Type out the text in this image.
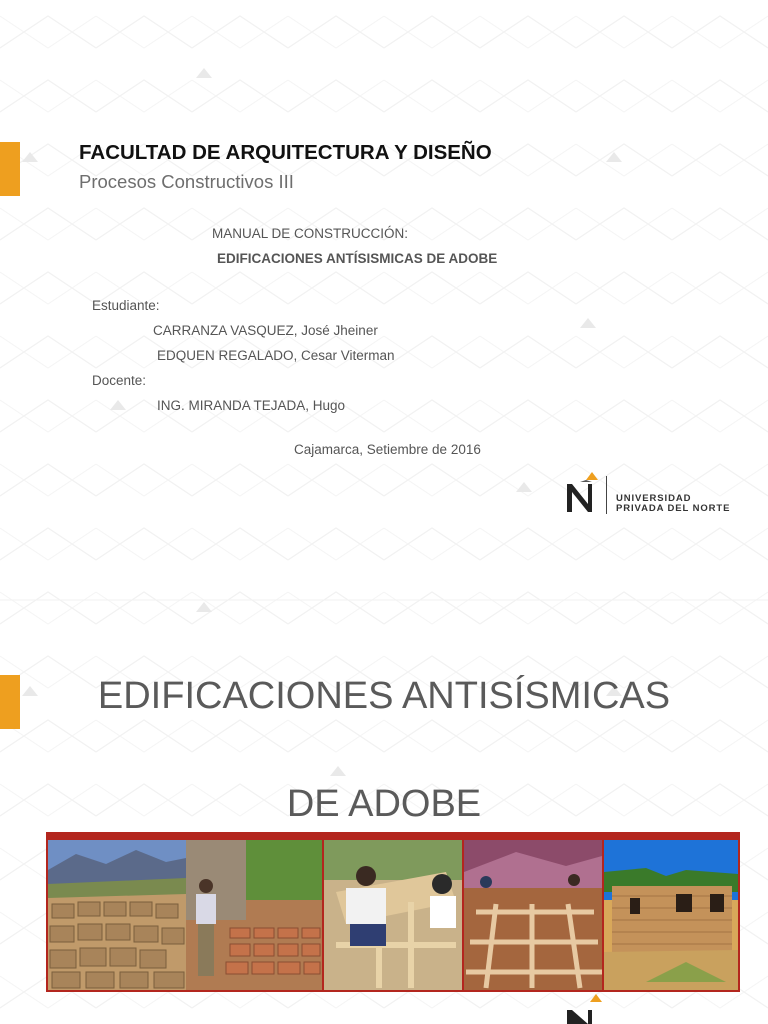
FACULTAD DE ARQUITECTURA Y DISEÑO
Procesos Constructivos III
MANUAL DE CONSTRUCCIÓN:
EDIFICACIONES ANTÍSISMICAS DE ADOBE
Estudiante:
CARRANZA VASQUEZ, José Jheiner
EDQUEN REGALADO, Cesar Viterman
Docente:
ING. MIRANDA TEJADA, Hugo
Cajamarca, Setiembre de 2016
UNIVERSIDAD
PRIVADA DEL NORTE
EDIFICACIONES ANTISÍSMICAS
DE ADOBE
